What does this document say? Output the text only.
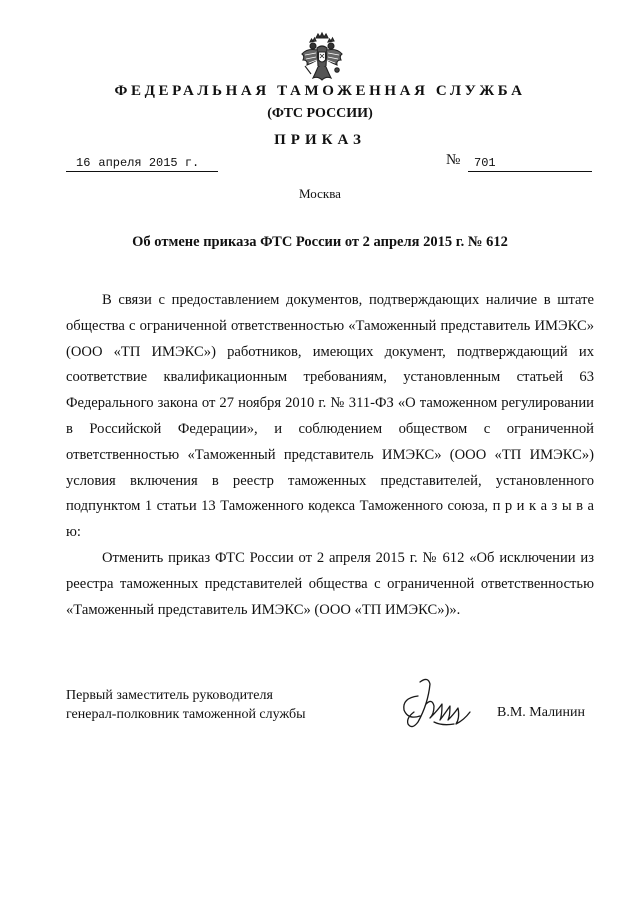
ФЕДЕРАЛЬНАЯ ТАМОЖЕННАЯ СЛУЖБА
(ФТС РОССИИ)
ПРИКАЗ
16 апреля 2015 г.	№	701
Москва
Об отмене приказа ФТС России от 2 апреля 2015 г. № 612

В связи с предоставлением документов, подтверждающих наличие в штате общества с ограниченной ответственностью «Таможенный представитель ИМЭКС» (ООО «ТП ИМЭКС») работников, имеющих документ, подтверждающий их соответствие квалификационным требованиям, установленным статьей 63 Федерального закона от 27 ноября 2010 г. № 311-ФЗ «О таможенном регулировании в Российской Федерации», и соблюдением обществом с ограниченной ответственностью «Таможенный представитель ИМЭКС» (ООО «ТП ИМЭКС») условия включения в реестр таможенных представителей, установленного подпунктом 1 статьи 13 Таможенного кодекса Таможенного союза, п р и к а з ы в а ю:

Отменить приказ ФТС России от 2 апреля 2015 г. № 612 «Об исключении из реестра таможенных представителей общества с ограниченной ответственностью «Таможенный представитель ИМЭКС» (ООО «ТП ИМЭКС»)».

Первый заместитель руководителя
генерал-полковник таможенной службы	В.М. Малинин
